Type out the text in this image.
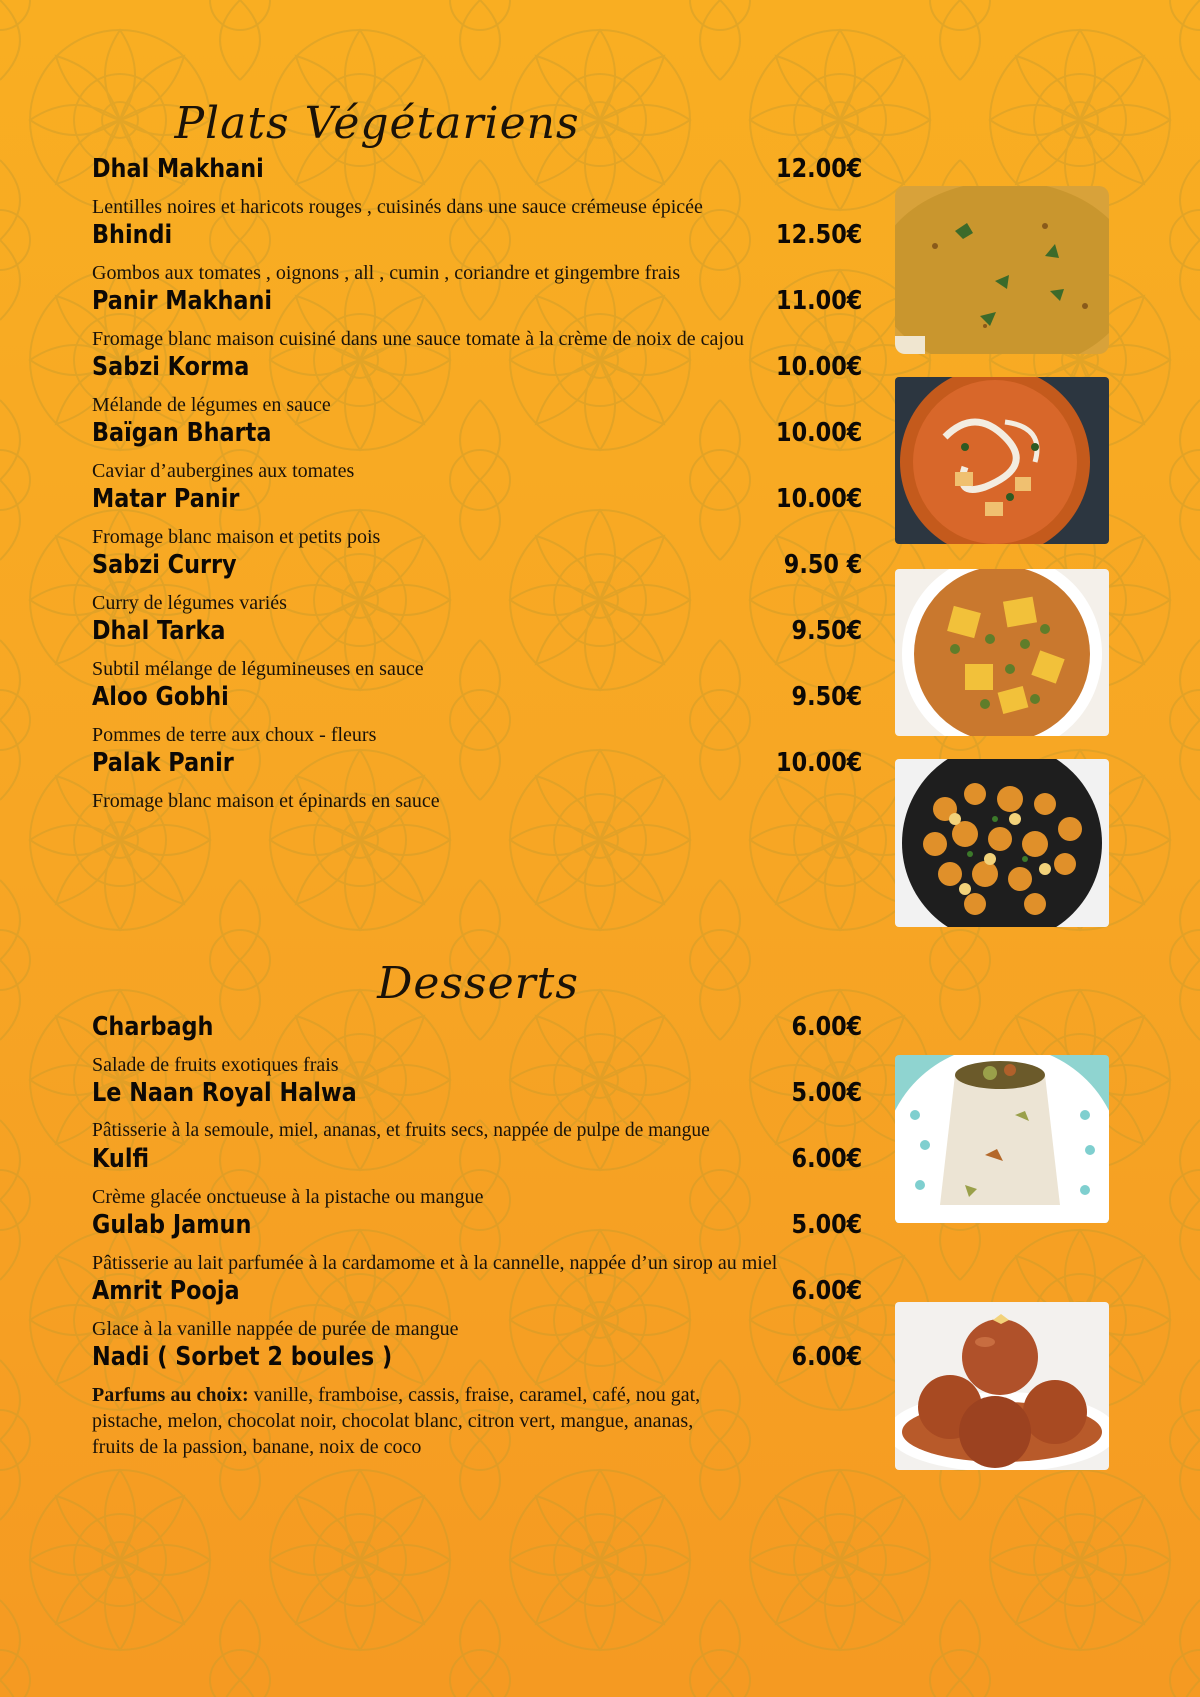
Plats Végétariens
Dhal Makhani	12.00€

Lentilles noires et haricots rouges , cuisinés dans une sauce crémeuse épicée

Bhindi	12.50€

Gombos aux tomates , oignons , all , cumin , coriandre et gingembre frais

Panir Makhani	11.00€

Fromage blanc maison cuisiné dans une sauce tomate à la crème de noix de cajou

Sabzi Korma	10.00€

Mélande de légumes en sauce

Baïgan Bharta	10.00€

Caviar d’aubergines aux tomates

Matar Panir	10.00€

Fromage blanc maison et petits pois

Sabzi Curry	9.50 €

Curry de légumes variés

Dhal Tarka	9.50€

Subtil mélange de légumineuses en sauce

Aloo Gobhi	9.50€

Pommes de terre aux choux - fleurs

Palak Panir	10.00€

Fromage blanc maison et épinards en sauce

Desserts
Charbagh	6.00€

Salade de fruits exotiques frais

Le Naan Royal Halwa	5.00€

Pâtisserie à la semoule, miel, ananas, et fruits secs, nappée de pulpe de mangue

Kulfi	6.00€

Crème glacée onctueuse à la pistache ou mangue

Gulab Jamun	5.00€

Pâtisserie au lait parfumée à la cardamome et à la cannelle, nappée d’un sirop au miel

Amrit Pooja	6.00€

Glace à la vanille nappée de purée de mangue

Nadi ( Sorbet 2 boules )	6.00€

Parfums au choix: vanille, framboise, cassis, fraise, caramel, café, nou gat, pistache, melon, chocolat noir, chocolat blanc, citron vert, mangue, ananas, fruits de la passion, banane, noix de coco
